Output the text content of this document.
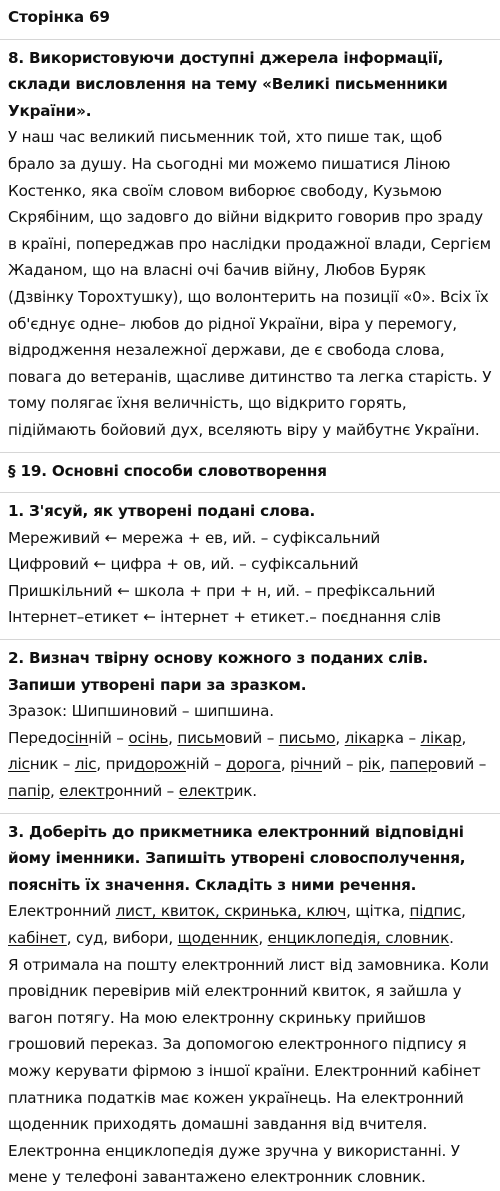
Сторінка 69

8. Використовуючи доступні джерела інформації, склади висловлення на тему «Великі письменники України».

У наш час великий письменник той, хто пише так, щоб брало за душу. На сьогодні ми можемо пишатися Ліною Костенко, яка своїм словом виборює свободу, Кузьмою Скрябіним, що задовго до війни відкрито говорив про зраду в країні, попереджав про наслідки продажної влади, Сергієм Жаданом, що на власні очі бачив війну, Любов Буряк (Дзвінку Торохтушку), що волонтерить на позиції «0». Всіх їх об'єднує одне– любов до рідної України, віра у перемогу, відродження незалежної держави, де є свобода слова, повага до ветеранів, щасливе дитинство та легка старість. У тому полягає їхня величність, що відкрито горять, підіймають бойовий дух, вселяють віру у майбутнє України.

§ 19. Основні способи словотворення

1. З'ясуй, як утворені подані слова.

Мереживий ← мережа + ев, ий. – суфіксальний

Цифровий ← цифра + ов, ий. – суфіксальний

Пришкільний ← школа + при + н, ий. – префіксальний

Інтернет–етикет ← інтернет + етикет.– поєднання слів

2. Визнач твірну основу кожного з поданих слів. Запиши утворені пари за зразком.

Зразок: Шипшиновий – шипшина.

Передосінній – осінь, письмовий – письмо, лікарка – лікар, лісник – ліс, придорожній – дорога, річний – рік, паперовий – папір, електронний – електрик.

3. Доберіть до прикметника електронний відповідні йому іменники. Запишіть утворені словосполучення, поясніть їх значення. Складіть з ними речення.

Електронний лист, квиток, скринька, ключ, щітка, підпис, кабінет, суд, вибори, щоденник, енциклопедія, словник.

Я отримала на пошту електронний лист від замовника. Коли провідник перевірив мій електронний квиток, я зайшла у вагон потягу. На мою електронну скриньку прийшов грошовий переказ. За допомогою електронного підпису я можу керувати фірмою з іншої країни. Електронний кабінет платника податків має кожен українець. На електронний щоденник приходять домашні завдання від вчителя. Електронна енциклопедія дуже зручна у використанні. У мене у телефоні завантажено електронник словник.
